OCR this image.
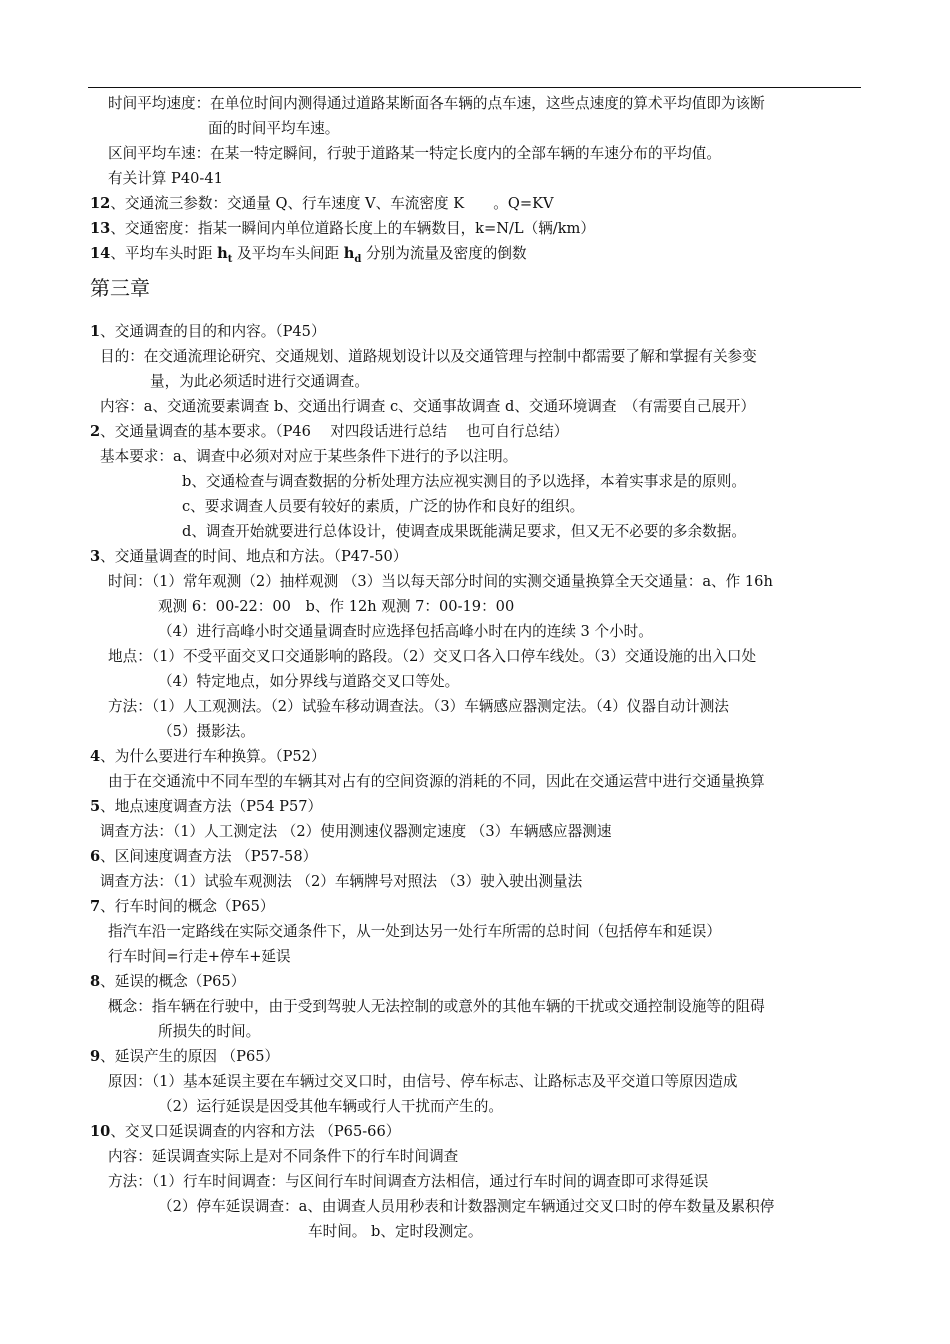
时间平均速度：在单位时间内测得通过道路某断面各车辆的点车速，这些点速度的算术平均值即为该断
面的时间平均车速。
区间平均车速：在某一特定瞬间，行驶于道路某一特定长度内的全部车辆的车速分布的平均值。
有关计算 P40-41
12、交通流三参数：交通量 Q、行车速度 V、车流密度 K　　。Q=KV
13、交通密度：指某一瞬间内单位道路长度上的车辆数目，k=N/L（辆/km）
14、平均车头时距 $h_t$ 及平均车头间距 $h_d$ 分别为流量及密度的倒数
第三章
1、交通调查的目的和内容。（P45）
目的：在交通流理论研究、交通规划、道路规划设计以及交通管理与控制中都需要了解和掌握有关参变
量，为此必须适时进行交通调查。
内容：a、交通流要素调查 b、交通出行调查 c、交通事故调查 d、交通环境调查　（有需要自己展开）
2、交通量调查的基本要求。（P46　 对四段话进行总结　 也可自行总结）
基本要求：a、调查中必须对对应于某些条件下进行的予以注明。
b、交通检查与调查数据的分析处理方法应视实测目的予以选择，本着实事求是的原则。
c、要求调查人员要有较好的素质，广泛的协作和良好的组织。
d、调查开始就要进行总体设计，使调查成果既能满足要求，但又无不必要的多余数据。
3、交通量调查的时间、地点和方法。（P47-50）
时间：（1）常年观测（2）抽样观测 （3）当以每天部分时间的实测交通量换算全天交通量：a、作 16h
观测 6：00-22：00　b、作 12h 观测 7：00-19：00
（4）进行高峰小时交通量调查时应选择包括高峰小时在内的连续 3 个小时。
地点：（1）不受平面交叉口交通影响的路段。（2）交叉口各入口停车线处。（3）交通设施的出入口处
（4）特定地点，如分界线与道路交叉口等处。
方法：（1）人工观测法。（2）试验车移动调查法。（3）车辆感应器测定法。（4）仪器自动计测法
（5）摄影法。
4、为什么要进行车种换算。（P52）
由于在交通流中不同车型的车辆其对占有的空间资源的消耗的不同，因此在交通运营中进行交通量换算
5、地点速度调查方法（P54 P57）
调查方法：（1）人工测定法 （2）使用测速仪器测定速度 （3）车辆感应器测速
6、区间速度调查方法 （P57-58）
调查方法：（1）试验车观测法 （2）车辆牌号对照法 （3）驶入驶出测量法
7、行车时间的概念（P65）
指汽车沿一定路线在实际交通条件下，从一处到达另一处行车所需的总时间（包括停车和延误）
行车时间=行走+停车+延误
8、延误的概念（P65）
概念：指车辆在行驶中，由于受到驾驶人无法控制的或意外的其他车辆的干扰或交通控制设施等的阻碍
所损失的时间。
9、延误产生的原因 （P65）
原因：（1）基本延误主要在车辆过交叉口时，由信号、停车标志、让路标志及平交道口等原因造成
（2）运行延误是因受其他车辆或行人干扰而产生的。
10、交叉口延误调查的内容和方法 （P65-66）
内容：延误调查实际上是对不同条件下的行车时间调查
方法：（1）行车时间调查：与区间行车时间调查方法相信，通过行车时间的调查即可求得延误
（2）停车延误调查：a、由调查人员用秒表和计数器测定车辆通过交叉口时的停车数量及累积停
车时间。 b、定时段测定。
